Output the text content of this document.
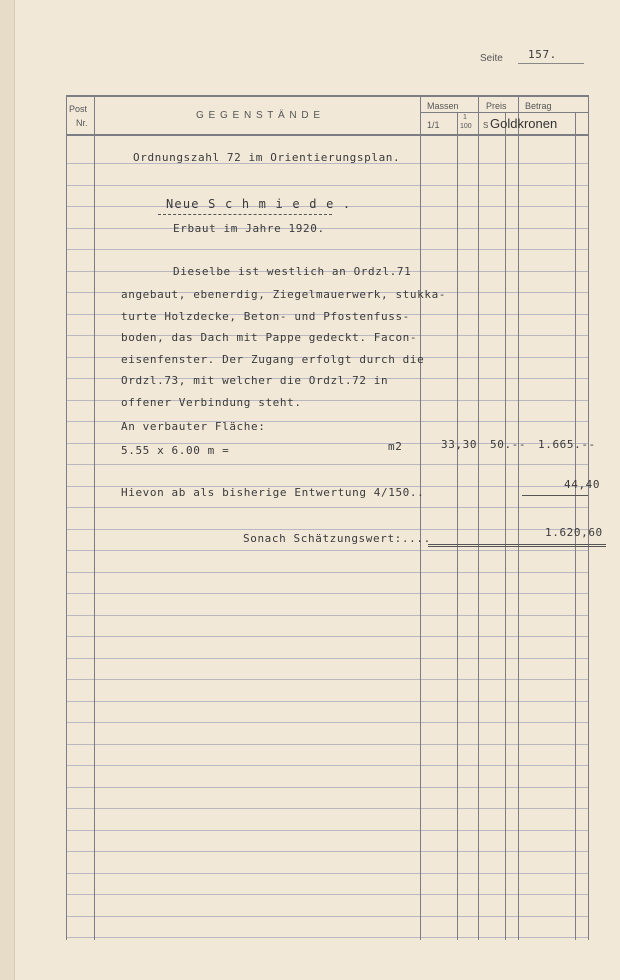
Seite 157.
Post
Nr.
G E G E N S T Ä N D E
Massen
1/1
1
100
Preis Betrag
S Goldkronen
Ordnungszahl 72 im Orientierungsplan.
Neue S c h m i e d e .
Erbaut im Jahre 1920.
Dieselbe ist westlich an Ordzl.71
angebaut, ebenerdig, Ziegelmauerwerk, stukka-
turte Holzdecke, Beton- und Pfostenfuss-
boden, das Dach mit Pappe gedeckt. Facon-
eisenfenster. Der Zugang erfolgt durch die
Ordzl.73, mit welcher die Ordzl.72 in
offener Verbindung steht.
An verbauter Fläche:
5.55 x 6.00 m =	m2	33,30 50.-- 1.665.--
Hievon ab als bisherige Entwertung 4/150..
44,40
Sonach Schätzungswert:....	1.620,60
